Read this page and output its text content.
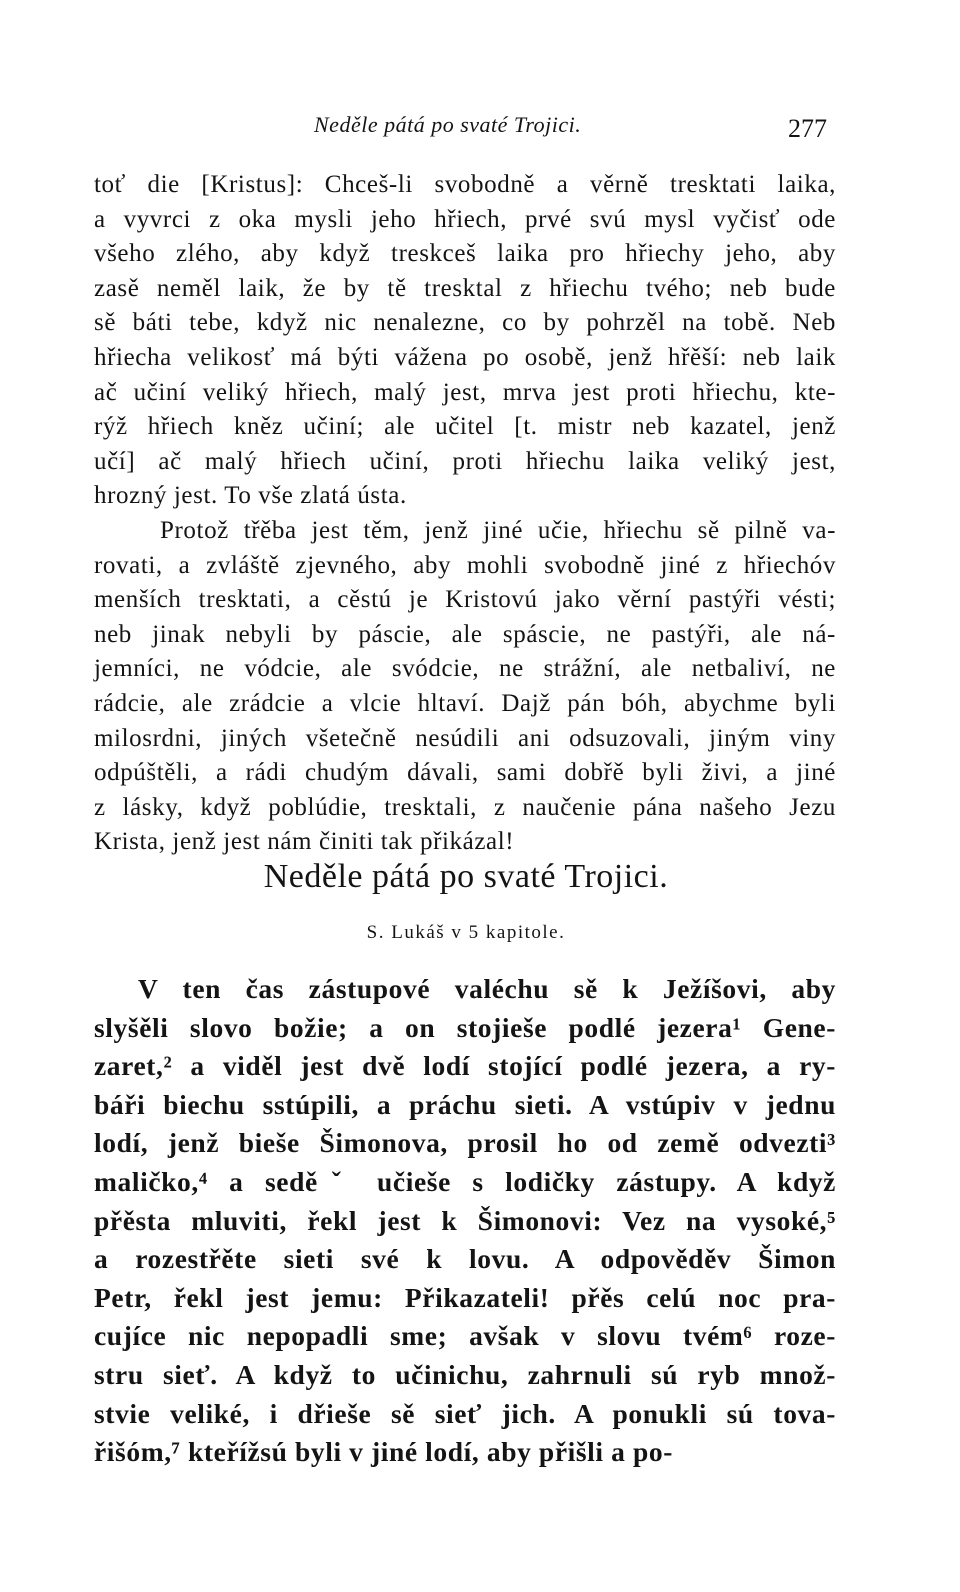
Neděle pátá po svaté Trojici.	277
toť die [Kristus]: Chceš-li svobodně a věrně tresktati laika,
a vyvrci z oka mysli jeho hřiech, prvé svú mysl vyčisť ode
všeho zlého, aby když treskceš laika pro hřiechy jeho, aby
zasě neměl laik, že by tě tresktal z hřiechu tvého; neb bude
sě báti tebe, když nic nenalezne, co by pohrzěl na tobě. Neb
hřiecha velikosť má býti vážena po osobě, jenž hřěší: neb laik
ač učiní veliký hřiech, malý jest, mrva jest proti hřiechu, kte-
rýž hřiech kněz učiní; ale učitel [t. mistr neb kazatel, jenž
učí] ač malý hřiech učiní, proti hřiechu laika veliký jest,
hrozný jest. To vše zlatá ústa.
Protož třěba jest těm, jenž jiné učie, hřiechu sě pilně va-
rovati, a zvláště zjevného, aby mohli svobodně jiné z hřiechóv
menších tresktati, a cěstú je Kristovú jako věrní pastýři vésti;
neb jinak nebyli by páscie, ale spáscie, ne pastýři, ale ná-
jemníci, ne vódcie, ale svódcie, ne strážní, ale netbaliví, ne
rádcie, ale zrádcie a vlcie hltaví. Dajž pán bóh, abychme byli
milosrdni, jiných všetečně nesúdili ani odsuzovali, jiným viny
odpúštěli, a rádi chudým dávali, sami dobřě byli živi, a jiné
z lásky, když poblúdie, tresktali, z naučenie pána našeho Jezu
Krista, jenž jest nám činiti tak přikázal!
Neděle pátá po svaté Trojici.
S. Lukáš v 5 kapitole.
V ten čas zástupové valéchu sě k Ježíšovi, aby
slyšěli slovo božie; a on stojieše podlé jezera¹ Gene-
zaret,² a viděl jest dvě lodí stojící podlé jezera, a ry-
báři biechu sstúpili, a práchu sieti. A vstúpiv v jednu
lodí, jenž bieše Šimonova, prosil ho od země odvezti³
maličko,⁴ a seděˇ učieše s lodičky zástupy. A když
přěsta mluviti, řekl jest k Šimonovi: Vez na vysoké,⁵
a rozestřěte sieti své k lovu. A odpověděv Šimon
Petr, řekl jest jemu: Přikazateli! přěs celú noc pra-
cujíce nic nepopadli sme; avšak v slovu tvém⁶ roze-
stru sieť. A když to učinichu, zahrnuli sú ryb množ-
stvie veliké, i dřieše sě sieť jich. A ponukli sú tova-
řišóm,⁷ kteřížsú byli v jiné lodí, aby přišli a po-
